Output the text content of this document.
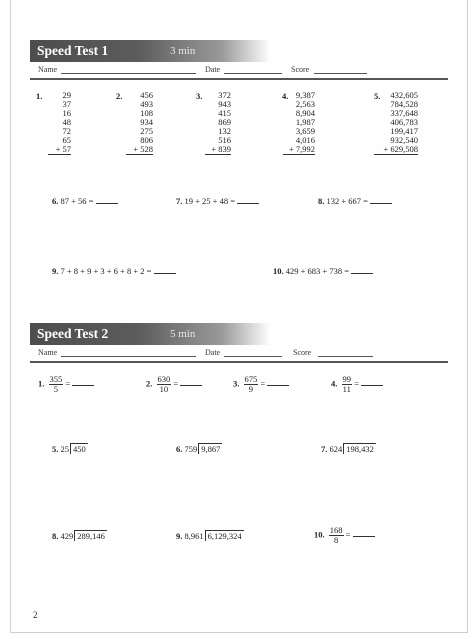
Speed Test 1	3 min
Name	Date	Score
1.	29
37
16
48
72
65
+ 57
2.	456
493
108
934
275
806
+ 528
3.	372
943
415
869
132
516
+ 839
4. 9,387
2,563
8,904
1,987
3,659
4,016
+ 7,992
5.	432,605
784,528
337,648
406,783
199,417
932,540
+ 629,508
6. 87 + 56 =	7. 19 + 25 + 48 =	8. 132 + 667 =
9. 7 + 8 + 9 + 3 + 6 + 8 + 2 =	10. 429 + 683 + 738 =
Speed Test 2	5 min
Name	Date	Score
1. $\frac{355}{5}$ =	2. $\frac{630}{10}$ =	3. $\frac{675}{9}$ =	4. $\frac{99}{11}$ =
5. 25 450	6. 759 9,867	7. 624 198,432
8. 429 289,146	9. 8,961 6,129,324	10. $\frac{168}{8}$ =
2
